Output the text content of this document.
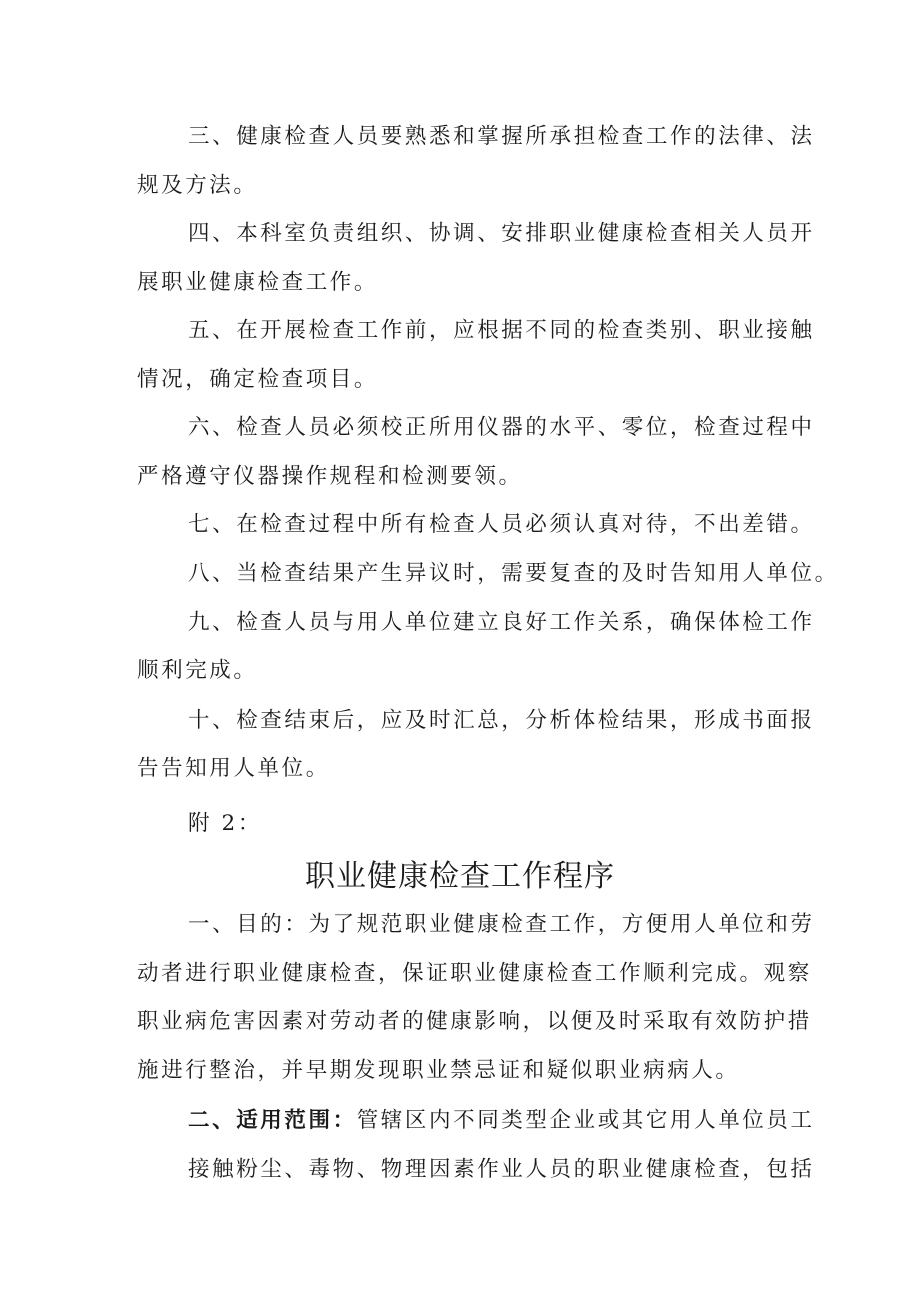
三、健康检查人员要熟悉和掌握所承担检查工作的法律、法
规及方法。
四、本科室负责组织、协调、安排职业健康检查相关人员开
展职业健康检查工作。
五、在开展检查工作前，应根据不同的检查类别、职业接触
情况，确定检查项目。
六、检查人员必须校正所用仪器的水平、零位，检查过程中
严格遵守仪器操作规程和检测要领。
七、在检查过程中所有检查人员必须认真对待，不出差错。
八、当检查结果产生异议时，需要复查的及时告知用人单位。
九、检查人员与用人单位建立良好工作关系，确保体检工作
顺利完成。
十、检查结束后，应及时汇总，分析体检结果，形成书面报
告告知用人单位。
附 2：
职业健康检查工作程序
一、目的：为了规范职业健康检查工作，方便用人单位和劳
动者进行职业健康检查，保证职业健康检查工作顺利完成。观察
职业病危害因素对劳动者的健康影响，以便及时采取有效防护措
施进行整治，并早期发现职业禁忌证和疑似职业病病人。
二、适用范围：管辖区内不同类型企业或其它用人单位员工
接触粉尘、毒物、物理因素作业人员的职业健康检查，包括
